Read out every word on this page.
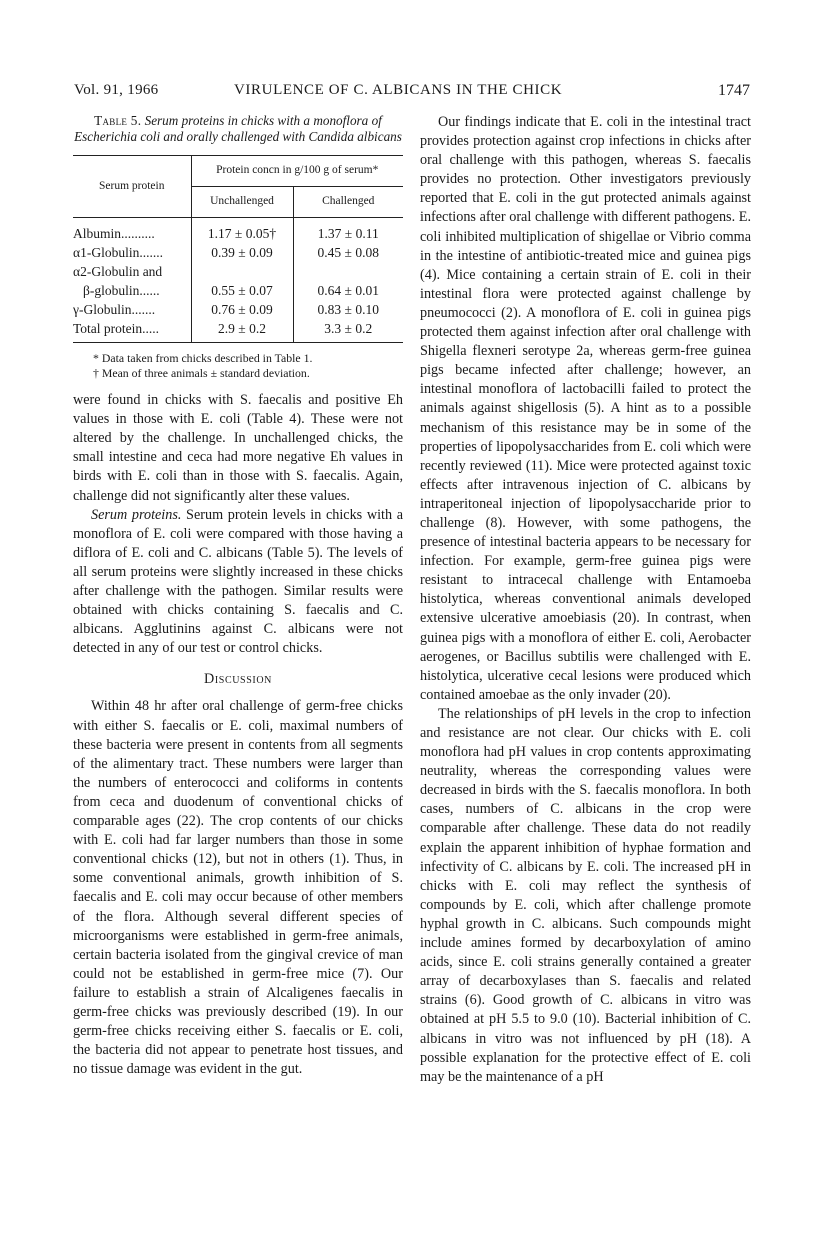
Vol. 91, 1966	VIRULENCE OF C. ALBICANS IN THE CHICK	1747
Table 5. Serum proteins in chicks with a monoflora of Escherichia coli and orally challenged with Candida albicans
Serum protein	Protein concn in g/100 g of serum*	
	Unchallenged	Challenged

Albumin..........	1.17 ± 0.05†	1.37 ± 0.11
α1-Globulin.......	0.39 ± 0.09	0.45 ± 0.08
α2-Globulin and		
β-globulin......	0.55 ± 0.07	0.64 ± 0.01
γ-Globulin.......	0.76 ± 0.09	0.83 ± 0.10
Total protein.....	2.9 ± 0.2	3.3 ± 0.2
* Data taken from chicks described in Table 1.
† Mean of three animals ± standard deviation.

were found in chicks with S. faecalis and positive Eh values in those with E. coli (Table 4). These were not altered by the challenge. In unchallenged chicks, the small intestine and ceca had more negative Eh values in birds with E. coli than in those with S. faecalis. Again, challenge did not significantly alter these values.

Serum proteins. Serum protein levels in chicks with a monoflora of E. coli were compared with those having a diflora of E. coli and C. albicans (Table 5). The levels of all serum proteins were slightly increased in these chicks after challenge with the pathogen. Similar results were obtained with chicks containing S. faecalis and C. albicans. Agglutinins against C. albicans were not detected in any of our test or control chicks.

Discussion

Within 48 hr after oral challenge of germ-free chicks with either S. faecalis or E. coli, maximal numbers of these bacteria were present in contents from all segments of the alimentary tract. These numbers were larger than the numbers of enterococci and coliforms in contents from ceca and duodenum of conventional chicks of comparable ages (22). The crop contents of our chicks with E. coli had far larger numbers than those in some conventional chicks (12), but not in others (1). Thus, in some conventional animals, growth inhibition of S. faecalis and E. coli may occur because of other members of the flora. Although several different species of microorganisms were established in germ-free animals, certain bacteria isolated from the gingival crevice of man could not be established in germ-free mice (7). Our failure to establish a strain of Alcaligenes faecalis in germ-free chicks was previously described (19). In our germ-free chicks receiving either S. faecalis or E. coli, the bacteria did not appear to penetrate host tissues, and no tissue damage was evident in the gut.

Our findings indicate that E. coli in the intestinal tract provides protection against crop infections in chicks after oral challenge with this pathogen, whereas S. faecalis provides no protection. Other investigators previously reported that E. coli in the gut protected animals against infections after oral challenge with different pathogens. E. coli inhibited multiplication of shigellae or Vibrio comma in the intestine of antibiotic-treated mice and guinea pigs (4). Mice containing a certain strain of E. coli in their intestinal flora were protected against challenge by pneumococci (2). A monoflora of E. coli in guinea pigs protected them against infection after oral challenge with Shigella flexneri serotype 2a, whereas germ-free guinea pigs became infected after challenge; however, an intestinal monoflora of lactobacilli failed to protect the animals against shigellosis (5). A hint as to a possible mechanism of this resistance may be in some of the properties of lipopolysaccharides from E. coli which were recently reviewed (11). Mice were protected against toxic effects after intravenous injection of C. albicans by intraperitoneal injection of lipopolysaccharide prior to challenge (8). However, with some pathogens, the presence of intestinal bacteria appears to be necessary for infection. For example, germ-free guinea pigs were resistant to intracecal challenge with Entamoeba histolytica, whereas conventional animals developed extensive ulcerative amoebiasis (20). In contrast, when guinea pigs with a monoflora of either E. coli, Aerobacter aerogenes, or Bacillus subtilis were challenged with E. histolytica, ulcerative cecal lesions were produced which contained amoebae as the only invader (20).

The relationships of pH levels in the crop to infection and resistance are not clear. Our chicks with E. coli monoflora had pH values in crop contents approximating neutrality, whereas the corresponding values were decreased in birds with the S. faecalis monoflora. In both cases, numbers of C. albicans in the crop were comparable after challenge. These data do not readily explain the apparent inhibition of hyphae formation and infectivity of C. albicans by E. coli. The increased pH in chicks with E. coli may reflect the synthesis of compounds by E. coli, which after challenge promote hyphal growth in C. albicans. Such compounds might include amines formed by decarboxylation of amino acids, since E. coli strains generally contained a greater array of decarboxylases than S. faecalis and related strains (6). Good growth of C. albicans in vitro was obtained at pH 5.5 to 9.0 (10). Bacterial inhibition of C. albicans in vitro was not influenced by pH (18). A possible explanation for the protective effect of E. coli may be the maintenance of a pH
